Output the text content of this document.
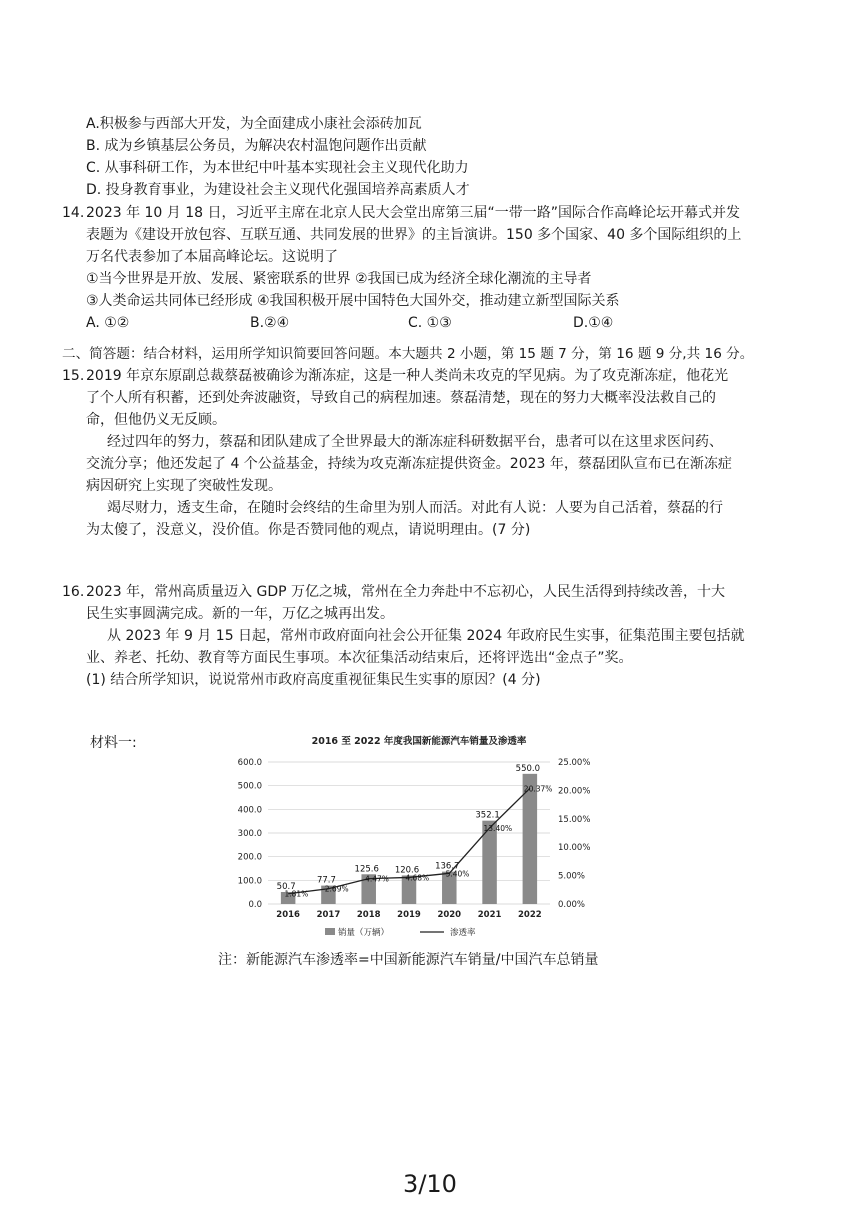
A.积极参与西部大开发，为全面建成小康社会添砖加瓦
B. 成为乡镇基层公务员，为解决农村温饱问题作出贡献
C. 从事科研工作，为本世纪中叶基本实现社会主义现代化助力
D. 投身教育事业，为建设社会主义现代化强国培养高素质人才
14. 2023 年 10 月 18 日，习近平主席在北京人民大会堂出席第三届“一带一路”国际合作高峰论坛开幕式并发
表题为《建设开放包容、互联互通、共同发展的世界》的主旨演讲。150 多个国家、40 多个国际组织的上
万名代表参加了本届高峰论坛。这说明了
①当今世界是开放、发展、紧密联系的世界 ②我国已成为经济全球化潮流的主导者
③人类命运共同体已经形成 ④我国积极开展中国特色大国外交，推动建立新型国际关系
A. ①②	B.②④	C. ①③	D.①④
二、简答题：结合材料，运用所学知识简要回答问题。本大题共 2 小题，第 15 题 7 分，第 16 题 9 分,共 16 分。
15. 2019 年京东原副总裁蔡磊被确诊为渐冻症，这是一种人类尚未攻克的罕见病。为了攻克渐冻症，他花光
了个人所有积蓄，还到处奔波融资，导致自己的病程加速。蔡磊清楚，现在的努力大概率没法救自己的
命，但他仍义无反顾。
经过四年的努力，蔡磊和团队建成了全世界最大的渐冻症科研数据平台，患者可以在这里求医问药、
交流分享；他还发起了 4 个公益基金，持续为攻克渐冻症提供资金。2023 年，蔡磊团队宣布已在渐冻症
病因研究上实现了突破性发现。
竭尽财力，透支生命，在随时会终结的生命里为别人而活。对此有人说：人要为自己活着，蔡磊的行
为太傻了，没意义，没价值。你是否赞同他的观点，请说明理由。(7 分)
16. 2023 年，常州高质量迈入 GDP 万亿之城，常州在全力奔赴中不忘初心，人民生活得到持续改善，十大
民生实事圆满完成。新的一年，万亿之城再出发。
从 2023 年 9 月 15 日起，常州市政府面向社会公开征集 2024 年政府民生实事，征集范围主要包括就
业、养老、托幼、教育等方面民生事项。本次征集活动结束后，还将评选出“金点子”奖。
(1) 结合所学知识，说说常州市政府高度重视征集民生实事的原因？(4 分)
材料一:	2016 至 2022 年度我国新能源汽车销量及渗透率
0.0
100.0
200.0
300.0
400.0
500.0
600.0
0.00%
5.00%
10.00%
15.00%
20.00%
25.00%
50.7
77.7
125.6 120.6 136.7
352.1
550.0
1.81%
2.69%
4.47% 4.68% 5.40%
13.40%
20.37%
2016 2017 2018 2019 2020 2021 2022
销量（万辆）	渗透率
注：新能源汽车渗透率=中国新能源汽车销量/中国汽车总销量
3/10
